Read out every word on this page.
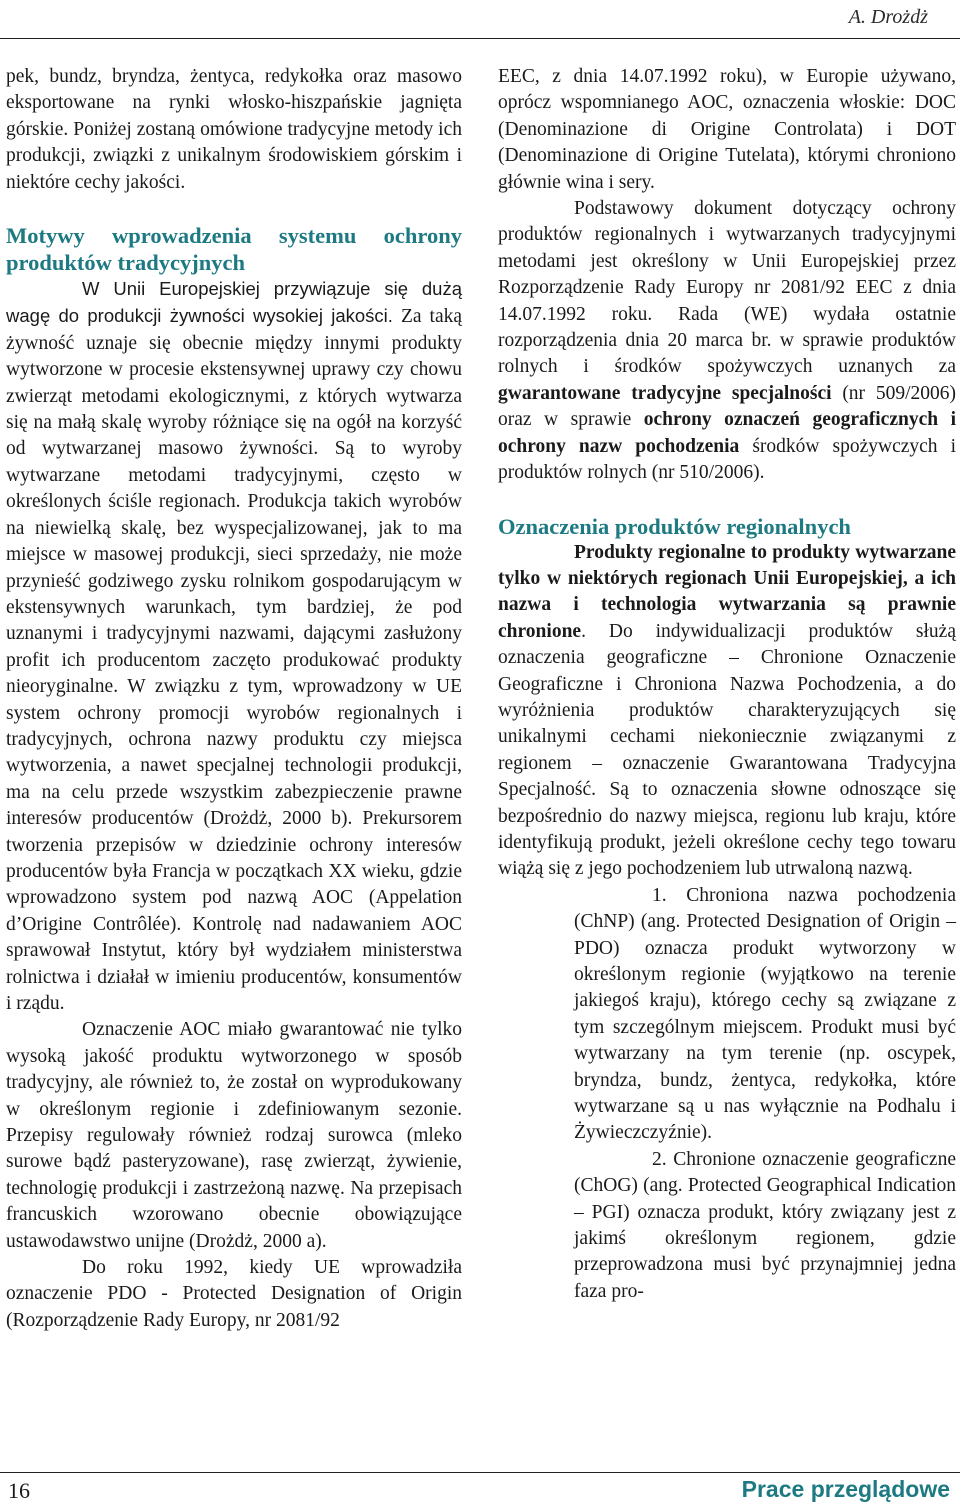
A. Drożdż

pek, bundz, bryndza, żentyca, redykołka oraz masowo eksportowane na rynki włosko-hiszpańskie jagnięta górskie. Poniżej zostaną omówione tradycyjne metody ich produkcji, związki z unikalnym środowiskiem górskim i niektóre cechy jakości.

Motywy wprowadzenia systemu ochrony produktów tradycyjnych

W Unii Europejskiej przywiązuje się dużą wagę do produkcji żywności wysokiej jakości. Za taką żywność uznaje się obecnie między innymi produkty wytworzone w procesie ekstensywnej uprawy czy chowu zwierząt metodami ekologicznymi, z których wytwarza się na małą skalę wyroby różniące się na ogół na korzyść od wytwarzanej masowo żywności. Są to wyroby wytwarzane metodami tradycyjnymi, często w określonych ściśle regionach. Produkcja takich wyrobów na niewielką skalę, bez wyspecjalizowanej, jak to ma miejsce w masowej produkcji, sieci sprzedaży, nie może przynieść godziwego zysku rolnikom gospodarującym w ekstensywnych warunkach, tym bardziej, że pod uznanymi i tradycyjnymi nazwami, dającymi zasłużony profit ich producentom zaczęto produkować produkty nieoryginalne. W związku z tym, wprowadzony w UE system ochrony promocji wyrobów regionalnych i tradycyjnych, ochrona nazwy produktu czy miejsca wytworzenia, a nawet specjalnej technologii produkcji, ma na celu przede wszystkim zabezpieczenie prawne interesów producentów (Drożdż, 2000 b). Prekursorem tworzenia przepisów w dziedzinie ochrony interesów producentów była Francja w początkach XX wieku, gdzie wprowadzono system pod nazwą AOC (Appelation d’Origine Contrôlée). Kontrolę nad nadawaniem AOC sprawował Instytut, który był wydziałem ministerstwa rolnictwa i działał w imieniu producentów, konsumentów i rządu.

Oznaczenie AOC miało gwarantować nie tylko wysoką jakość produktu wytworzonego w sposób tradycyjny, ale również to, że został on wyprodukowany w określonym regionie i zdefiniowanym sezonie. Przepisy regulowały również rodzaj surowca (mleko surowe bądź pasteryzowane), rasę zwierząt, żywienie, technologię produkcji i zastrzeżoną nazwę. Na przepisach francuskich wzorowano obecnie obowiązujące ustawodawstwo unijne (Drożdż, 2000 a).

Do roku 1992, kiedy UE wprowadziła oznaczenie PDO - Protected Designation of Origin (Rozporządzenie Rady Europy, nr 2081/92

EEC, z dnia 14.07.1992 roku), w Europie używano, oprócz wspomnianego AOC, oznaczenia włoskie: DOC (Denominazione di Origine Controlata) i DOT (Denominazione di Origine Tutelata), którymi chroniono głównie wina i sery.

Podstawowy dokument dotyczący ochrony produktów regionalnych i wytwarzanych tradycyjnymi metodami jest określony w Unii Europejskiej przez Rozporządzenie Rady Europy nr 2081/92 EEC z dnia 14.07.1992 roku. Rada (WE) wydała ostatnie rozporządzenia dnia 20 marca br. w sprawie produktów rolnych i środków spożywczych uznanych za gwarantowane tradycyjne specjalności (nr 509/2006) oraz w sprawie ochrony oznaczeń geograficznych i ochrony nazw pochodzenia środków spożywczych i produktów rolnych (nr 510/2006).

Oznaczenia produktów regionalnych

Produkty regionalne to produkty wytwarzane tylko w niektórych regionach Unii Europejskiej, a ich nazwa i technologia wytwarzania są prawnie chronione. Do indywidualizacji produktów służą oznaczenia geograficzne – Chronione Oznaczenie Geograficzne i Chroniona Nazwa Pochodzenia, a do wyróżnienia produktów charakteryzujących się unikalnymi cechami niekoniecznie związanymi z regionem – oznaczenie Gwarantowana Tradycyjna Specjalność. Są to oznaczenia słowne odnoszące się bezpośrednio do nazwy miejsca, regionu lub kraju, które identyfikują produkt, jeżeli określone cechy tego towaru wiążą się z jego pochodzeniem lub utrwaloną nazwą.

1. Chroniona nazwa pochodzenia (ChNP) (ang. Protected Designation of Origin – PDO) oznacza produkt wytworzony w określonym regionie (wyjątkowo na terenie jakiegoś kraju), którego cechy są związane z tym szczególnym miejscem. Produkt musi być wytwarzany na tym terenie (np. oscypek, bryndza, bundz, żentyca, redykołka, które wytwarzane są u nas wyłącznie na Podhalu i Żywieczczyźnie).

2. Chronione oznaczenie geograficzne (ChOG) (ang. Protected Geographical Indication – PGI) oznacza produkt, który związany jest z jakimś określonym regionem, gdzie przeprowadzona musi być przynajmniej jedna faza pro-

16	Prace przeglądowe
